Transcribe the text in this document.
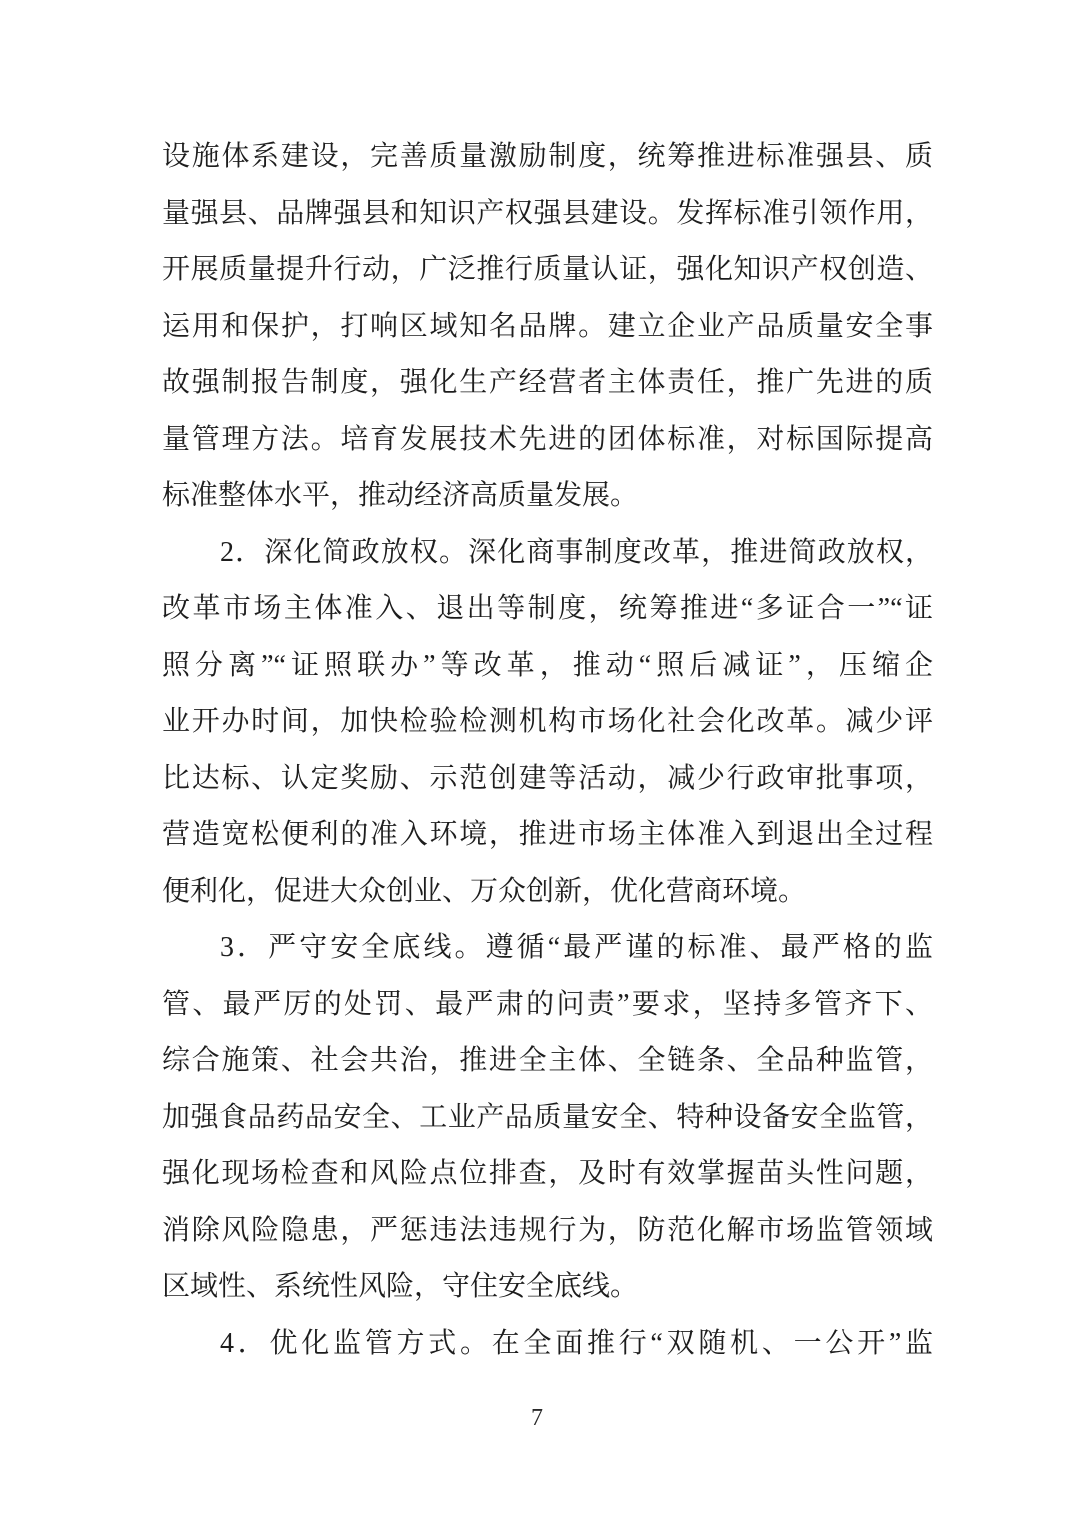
设施体系建设，完善质量激励制度，统筹推进标准强县、质
量强县、品牌强县和知识产权强县建设。发挥标准引领作用，
开展质量提升行动，广泛推行质量认证，强化知识产权创造、
运用和保护，打响区域知名品牌。建立企业产品质量安全事
故强制报告制度，强化生产经营者主体责任，推广先进的质
量管理方法。培育发展技术先进的团体标准，对标国际提高
标准整体水平，推动经济高质量发展。
2．深化简政放权。深化商事制度改革，推进简政放权，
改革市场主体准入、退出等制度，统筹推进“多证合一”“证
照分离”“证照联办”等改革，推动“照后减证”，压缩企
业开办时间，加快检验检测机构市场化社会化改革。减少评
比达标、认定奖励、示范创建等活动，减少行政审批事项，
营造宽松便利的准入环境，推进市场主体准入到退出全过程
便利化，促进大众创业、万众创新，优化营商环境。
3．严守安全底线。遵循“最严谨的标准、最严格的监
管、最严厉的处罚、最严肃的问责”要求，坚持多管齐下、
综合施策、社会共治，推进全主体、全链条、全品种监管，
加强食品药品安全、工业产品质量安全、特种设备安全监管，
强化现场检查和风险点位排查，及时有效掌握苗头性问题，
消除风险隐患，严惩违法违规行为，防范化解市场监管领域
区域性、系统性风险，守住安全底线。
4．优化监管方式。在全面推行“双随机、一公开”监
7
